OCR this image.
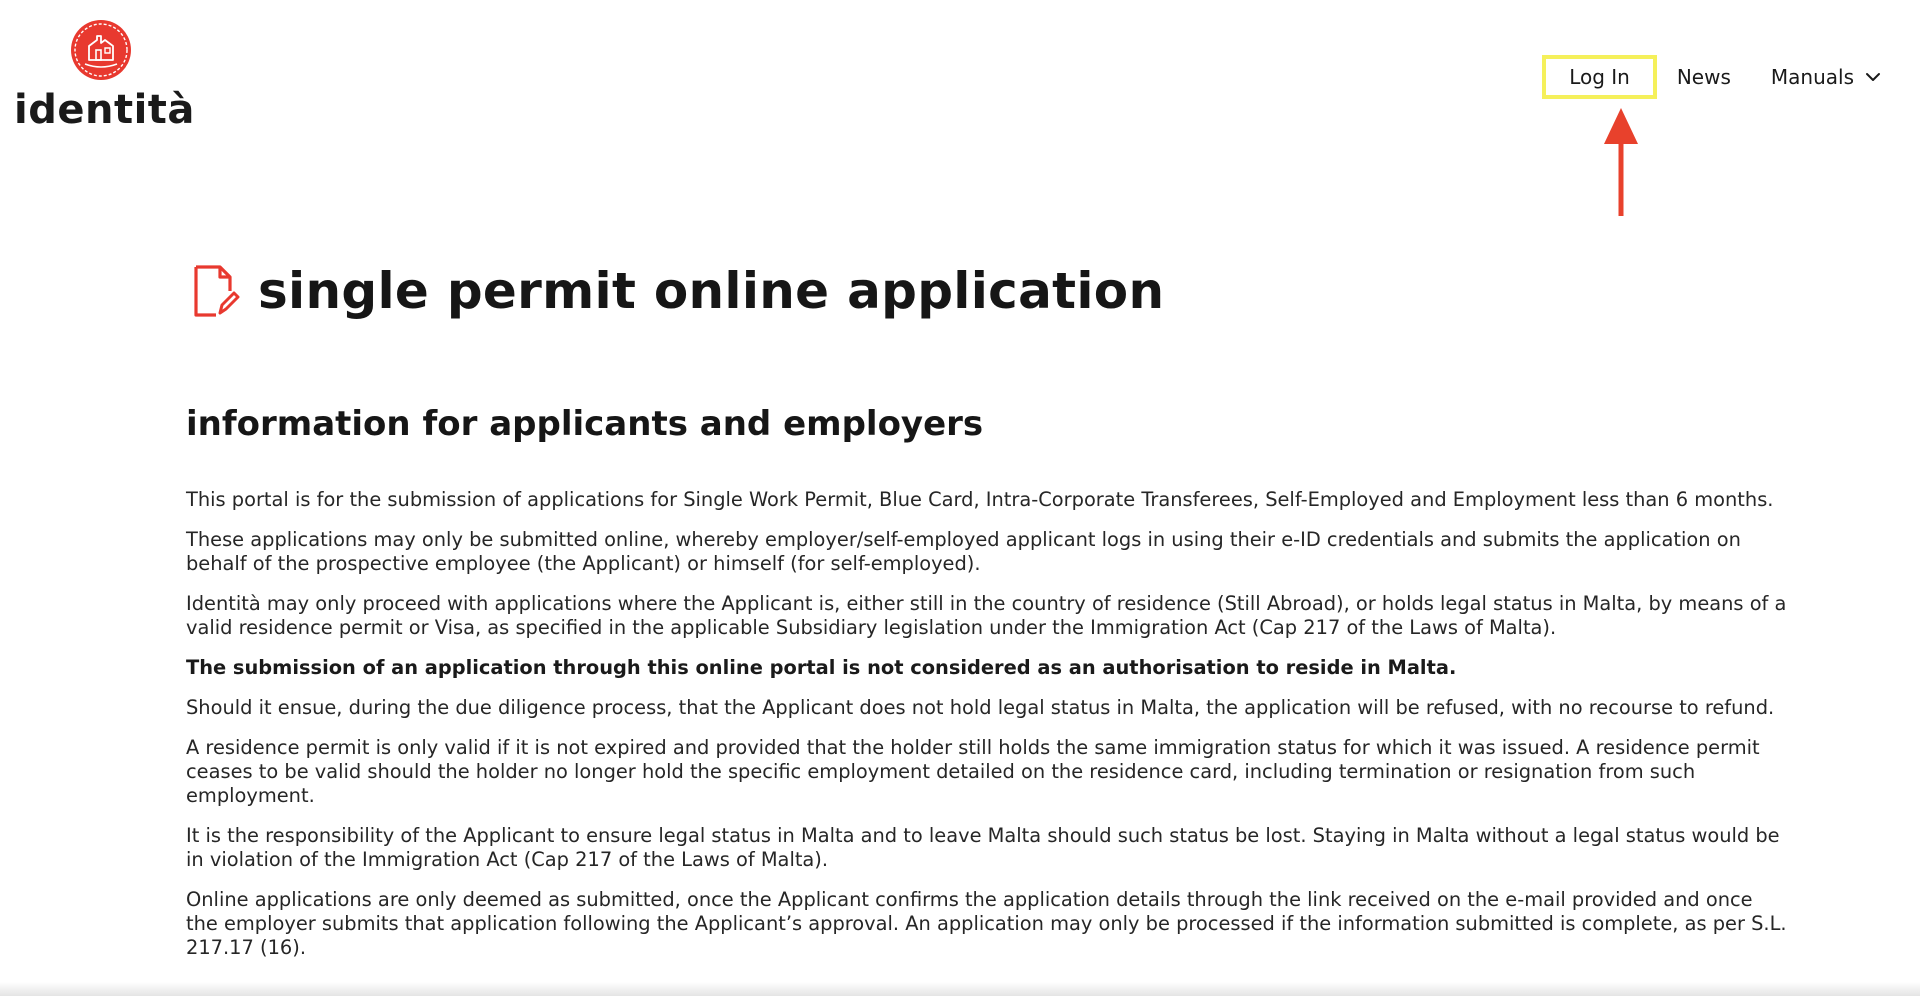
identità
Log In News Manuals
single permit online application
information for applicants and employers

This portal is for the submission of applications for Single Work Permit, Blue Card, Intra-Corporate Transferees, Self-Employed and Employment less than 6 months.

These applications may only be submitted online, whereby employer/self-employed applicant logs in using their e-ID credentials and submits the application on behalf of the prospective employee (the Applicant) or himself (for self-employed).

Identità may only proceed with applications where the Applicant is, either still in the country of residence (Still Abroad), or holds legal status in Malta, by means of a valid residence permit or Visa, as specified in the applicable Subsidiary legislation under the Immigration Act (Cap 217 of the Laws of Malta).

The submission of an application through this online portal is not considered as an authorisation to reside in Malta.

Should it ensue, during the due diligence process, that the Applicant does not hold legal status in Malta, the application will be refused, with no recourse to refund.

A residence permit is only valid if it is not expired and provided that the holder still holds the same immigration status for which it was issued. A residence permit ceases to be valid should the holder no longer hold the specific employment detailed on the residence card, including termination or resignation from such employment.

It is the responsibility of the Applicant to ensure legal status in Malta and to leave Malta should such status be lost. Staying in Malta without a legal status would be in violation of the Immigration Act (Cap 217 of the Laws of Malta).

Online applications are only deemed as submitted, once the Applicant confirms the application details through the link received on the e-mail provided and once the employer submits that application following the Applicant’s approval. An application may only be processed if the information submitted is complete, as per S.L. 217.17 (16).
